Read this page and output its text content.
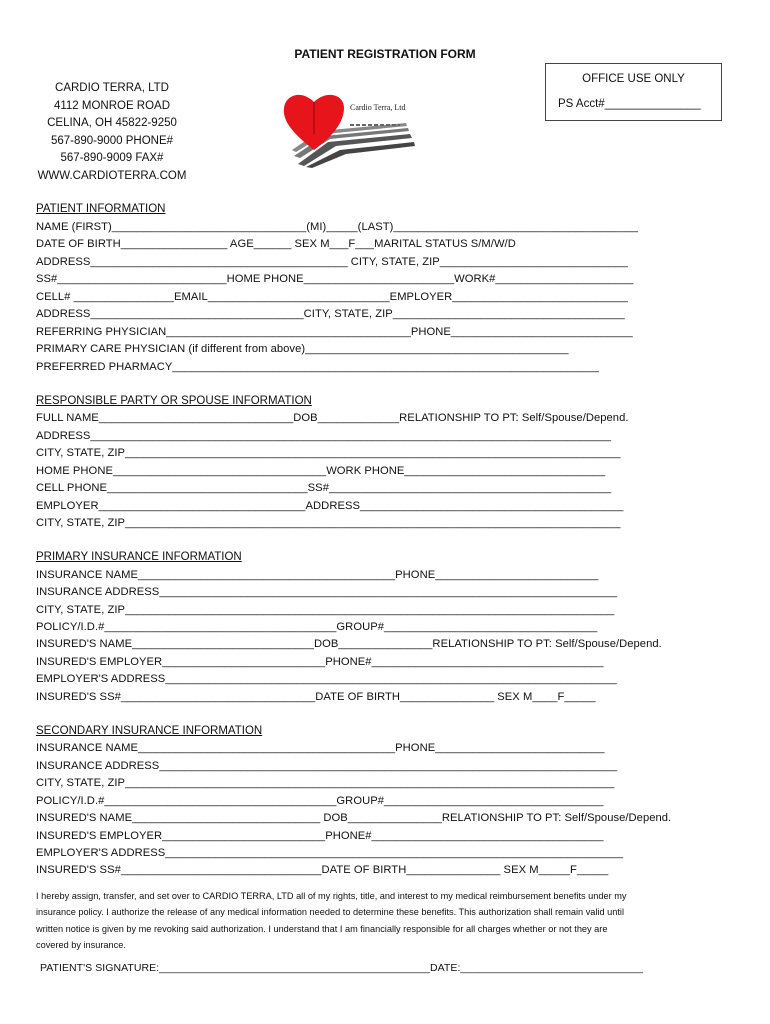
PATIENT REGISTRATION FORM
CARDIO TERRA, LTD
4112 MONROE ROAD
CELINA, OH 45822-9250
567-890-9000 PHONE#
567-890-9009 FAX#
WWW.CARDIOTERRA.COM
Cardio Terra, Ltd
OFFICE USE ONLY
PS Acct#_______________
PATIENT INFORMATION
NAME (FIRST)_______________________________(MI)_____(LAST)_______________________________________
DATE OF BIRTH_________________ AGE______ SEX M___F___MARITAL STATUS S/M/W/D
ADDRESS_________________________________________ CITY, STATE, ZIP______________________________
SS#___________________________HOME PHONE________________________WORK#______________________
CELL# ________________EMAIL_____________________________EMPLOYER____________________________
ADDRESS__________________________________CITY, STATE, ZIP_____________________________________
REFERRING PHYSICIAN_______________________________________PHONE_____________________________
PRIMARY CARE PHYSICIAN (if different from above)__________________________________________
PREFERRED PHARMACY____________________________________________________________________
RESPONSIBLE PARTY OR SPOUSE INFORMATION
FULL NAME_______________________________DOB_____________RELATIONSHIP TO PT: Self/Spouse/Depend.
ADDRESS___________________________________________________________________________________
CITY, STATE, ZIP_______________________________________________________________________________
HOME PHONE__________________________________WORK PHONE________________________________
CELL PHONE________________________________SS#_____________________________________________
EMPLOYER_________________________________ADDRESS__________________________________________
CITY, STATE, ZIP_______________________________________________________________________________
PRIMARY INSURANCE INFORMATION
INSURANCE NAME_________________________________________PHONE__________________________
INSURANCE ADDRESS_________________________________________________________________________
CITY, STATE, ZIP______________________________________________________________________________
POLICY/I.D.#_____________________________________GROUP#__________________________________
INSURED'S NAME_____________________________DOB_______________RELATIONSHIP TO PT: Self/Spouse/Depend.
INSURED'S EMPLOYER__________________________PHONE#_____________________________________
EMPLOYER'S ADDRESS________________________________________________________________________
INSURED'S SS#_______________________________DATE OF BIRTH_______________ SEX M____F_____
SECONDARY INSURANCE INFORMATION
INSURANCE NAME_________________________________________PHONE___________________________
INSURANCE ADDRESS_________________________________________________________________________
CITY, STATE, ZIP______________________________________________________________________________
POLICY/I.D.#_____________________________________GROUP#___________________________________
INSURED'S NAME______________________________ DOB_______________RELATIONSHIP TO PT: Self/Spouse/Depend.
INSURED'S EMPLOYER__________________________PHONE#_____________________________________
EMPLOYER'S ADDRESS_________________________________________________________________________
INSURED'S SS#________________________________DATE OF BIRTH_______________ SEX M_____F_____

I hereby assign, transfer, and set over to CARDIO TERRA, LTD all of my rights, title, and interest to my medical reimbursement benefits under my

insurance policy. I authorize the release of any medical information needed to determine these benefits. This authorization shall remain valid until

written notice is given by me revoking said authorization. I understand that I am financially responsible for all charges whether or not they are

covered by insurance.

PATIENT'S SIGNATURE:______________________________________________DATE:_______________________________
